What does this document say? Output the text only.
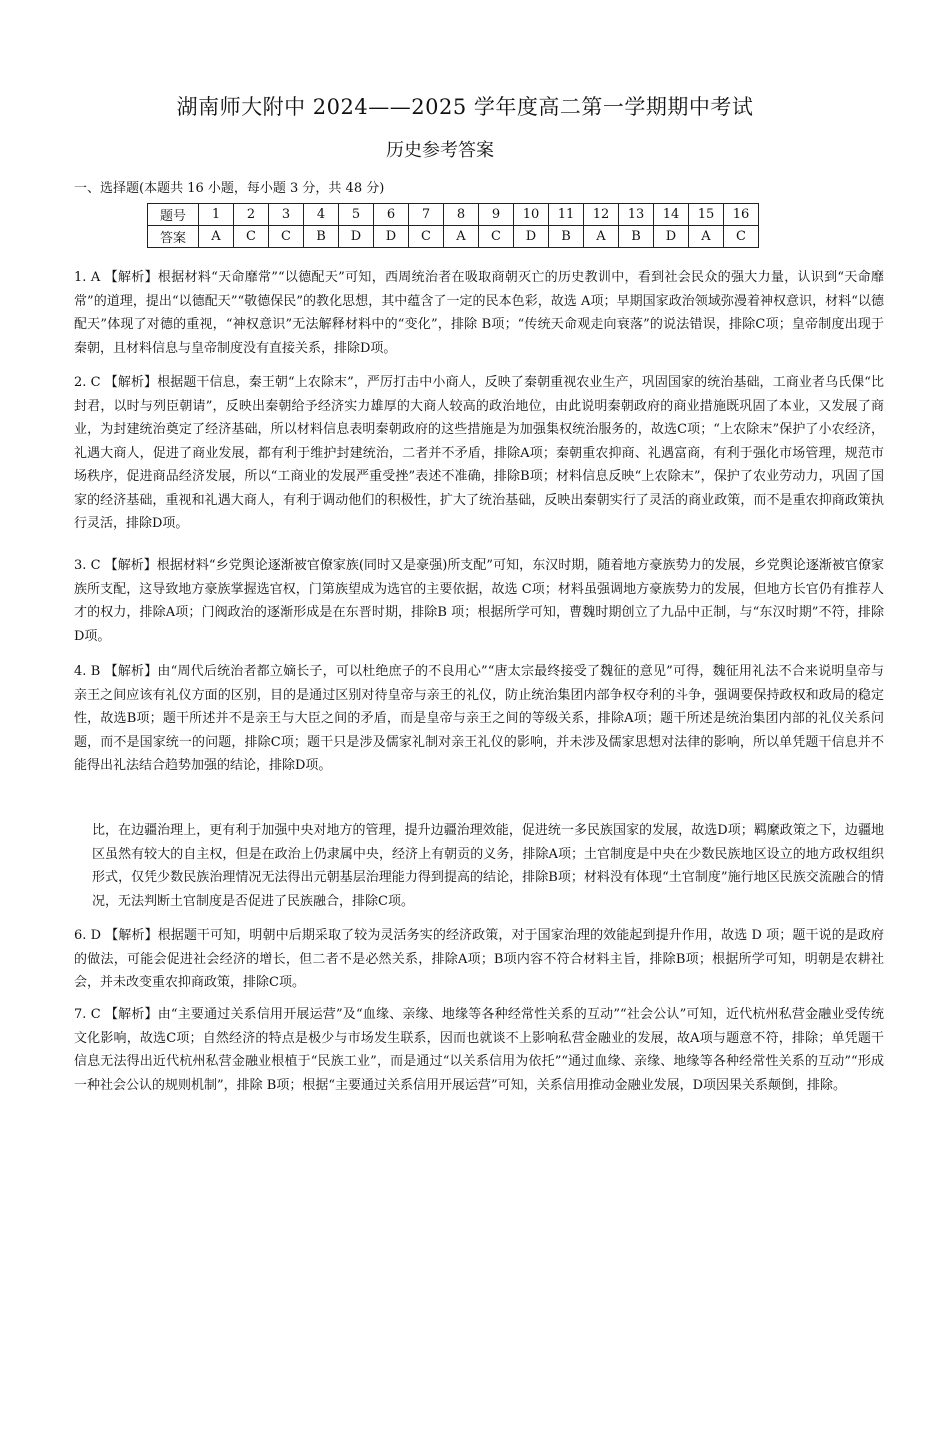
湖南师大附中 2024——2025 学年度高二第一学期期中考试
历史参考答案
一、选择题(本题共 16 小题，每小题 3 分，共 48 分)
题号	1	2	3	4	5	6	7	8	9	10	11	12	13	14	15	16
答案	A	C	C	B	D	D	C	A	C	D	B	A	B	D	A	C
1. A 【解析】根据材料“天命靡常”“以德配天”可知，西周统治者在吸取商朝灭亡的历史教训中，看到社会民众的强大力量，认识到“天命靡常”的道理，提出“以德配天”“敬德保民”的教化思想，其中蕴含了一定的民本色彩，故选 A项；早期国家政治领域弥漫着神权意识，材料“以德配天”体现了对德的重视，“神权意识”无法解释材料中的“变化”，排除 B项；“传统天命观走向衰落”的说法错误，排除C项；皇帝制度出现于秦朝，且材料信息与皇帝制度没有直接关系，排除D项。
2. C 【解析】根据题干信息，秦王朝“上农除末”，严厉打击中小商人，反映了秦朝重视农业生产，巩固国家的统治基础，工商业者乌氏倮“比封君，以时与列臣朝请”，反映出秦朝给予经济实力雄厚的大商人较高的政治地位，由此说明秦朝政府的商业措施既巩固了本业，又发展了商业，为封建统治奠定了经济基础，所以材料信息表明秦朝政府的这些措施是为加强集权统治服务的，故选C项；“上农除末”保护了小农经济，礼遇大商人，促进了商业发展，都有利于维护封建统治，二者并不矛盾，排除A项；秦朝重农抑商、礼遇富商，有利于强化市场管理，规范市场秩序，促进商品经济发展，所以“工商业的发展严重受挫”表述不准确，排除B项；材料信息反映“上农除末”，保护了农业劳动力，巩固了国家的经济基础，重视和礼遇大商人，有利于调动他们的积极性，扩大了统治基础，反映出秦朝实行了灵活的商业政策，而不是重农抑商政策执行灵活，排除D项。
3. C 【解析】根据材料“乡党舆论逐渐被官僚家族(同时又是豪强)所支配”可知，东汉时期，随着地方豪族势力的发展，乡党舆论逐渐被官僚家族所支配，这导致地方豪族掌握选官权，门第族望成为选官的主要依据，故选 C项；材料虽强调地方豪族势力的发展，但地方长官仍有推荐人才的权力，排除A项；门阀政治的逐渐形成是在东晋时期，排除B 项；根据所学可知，曹魏时期创立了九品中正制，与“东汉时期”不符，排除D项。
4. B 【解析】由“周代后统治者都立嫡长子，可以杜绝庶子的不良用心”“唐太宗最终接受了魏征的意见”可得，魏征用礼法不合来说明皇帝与亲王之间应该有礼仪方面的区别，目的是通过区别对待皇帝与亲王的礼仪，防止统治集团内部争权夺利的斗争，强调要保持政权和政局的稳定性，故选B项；题干所述并不是亲王与大臣之间的矛盾，而是皇帝与亲王之间的等级关系，排除A项；题干所述是统治集团内部的礼仪关系问题，而不是国家统一的问题，排除C项；题干只是涉及儒家礼制对亲王礼仪的影响，并未涉及儒家思想对法律的影响，所以单凭题干信息并不能得出礼法结合趋势加强的结论，排除D项。
比，在边疆治理上，更有利于加强中央对地方的管理，提升边疆治理效能，促进统一多民族国家的发展，故选D项；羁縻政策之下，边疆地区虽然有较大的自主权，但是在政治上仍隶属中央，经济上有朝贡的义务，排除A项；土官制度是中央在少数民族地区设立的地方政权组织形式，仅凭少数民族治理情况无法得出元朝基层治理能力得到提高的结论，排除B项；材料没有体现“土官制度”施行地区民族交流融合的情况，无法判断土官制度是否促进了民族融合，排除C项。
6. D 【解析】根据题干可知，明朝中后期采取了较为灵活务实的经济政策，对于国家治理的效能起到提升作用，故选 D 项；题干说的是政府的做法，可能会促进社会经济的增长，但二者不是必然关系，排除A项；B项内容不符合材料主旨，排除B项；根据所学可知，明朝是农耕社会，并未改变重农抑商政策，排除C项。
7. C 【解析】由“主要通过关系信用开展运营”及“血缘、亲缘、地缘等各种经常性关系的互动”“社会公认”可知，近代杭州私营金融业受传统文化影响，故选C项；自然经济的特点是极少与市场发生联系，因而也就谈不上影响私营金融业的发展，故A项与题意不符，排除；单凭题干信息无法得出近代杭州私营金融业根植于“民族工业”，而是通过“以关系信用为依托”“通过血缘、亲缘、地缘等各种经常性关系的互动”“形成一种社会公认的规则机制”，排除 B项；根据“主要通过关系信用开展运营”可知，关系信用推动金融业发展，D项因果关系颠倒，排除。
